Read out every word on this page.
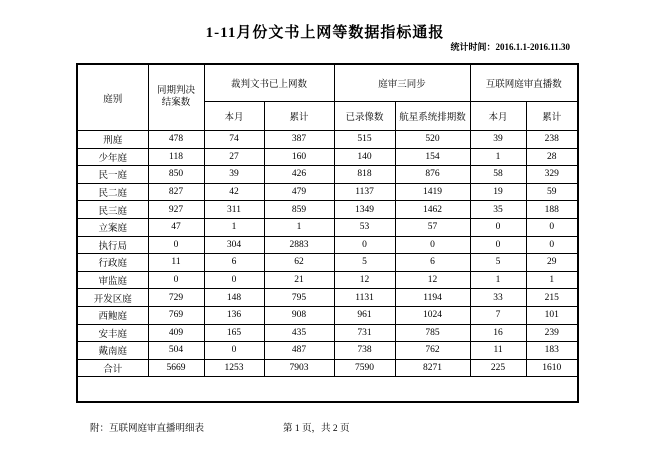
1-11月份文书上网等数据指标通报
统计时间：2016.1.1-2016.11.30
庭别	同期判决结案数	裁判文书已上网数		庭审三同步		互联网庭审直播数	
		本月	累计	已录像数	航星系统排期数	本月	累计
刑庭	478	74	387	515	520	39	238
少年庭	118	27	160	140	154	1	28
民一庭	850	39	426	818	876	58	329
民二庭	827	42	479	1137	1419	19	59
民三庭	927	311	859	1349	1462	35	188
立案庭	47	1	1	53	57	0	0
执行局	0	304	2883	0	0	0	0
行政庭	11	6	62	5	6	5	29
审监庭	0	0	21	12	12	1	1
开发区庭	729	148	795	1131	1194	33	215
西鲍庭	769	136	908	961	1024	7	101
安丰庭	409	165	435	731	785	16	239
戴南庭	504	0	487	738	762	11	183
合计	5669	1253	7903	7590	8271	225	1610

附：互联网庭审直播明细表	第 1 页，共 2 页
